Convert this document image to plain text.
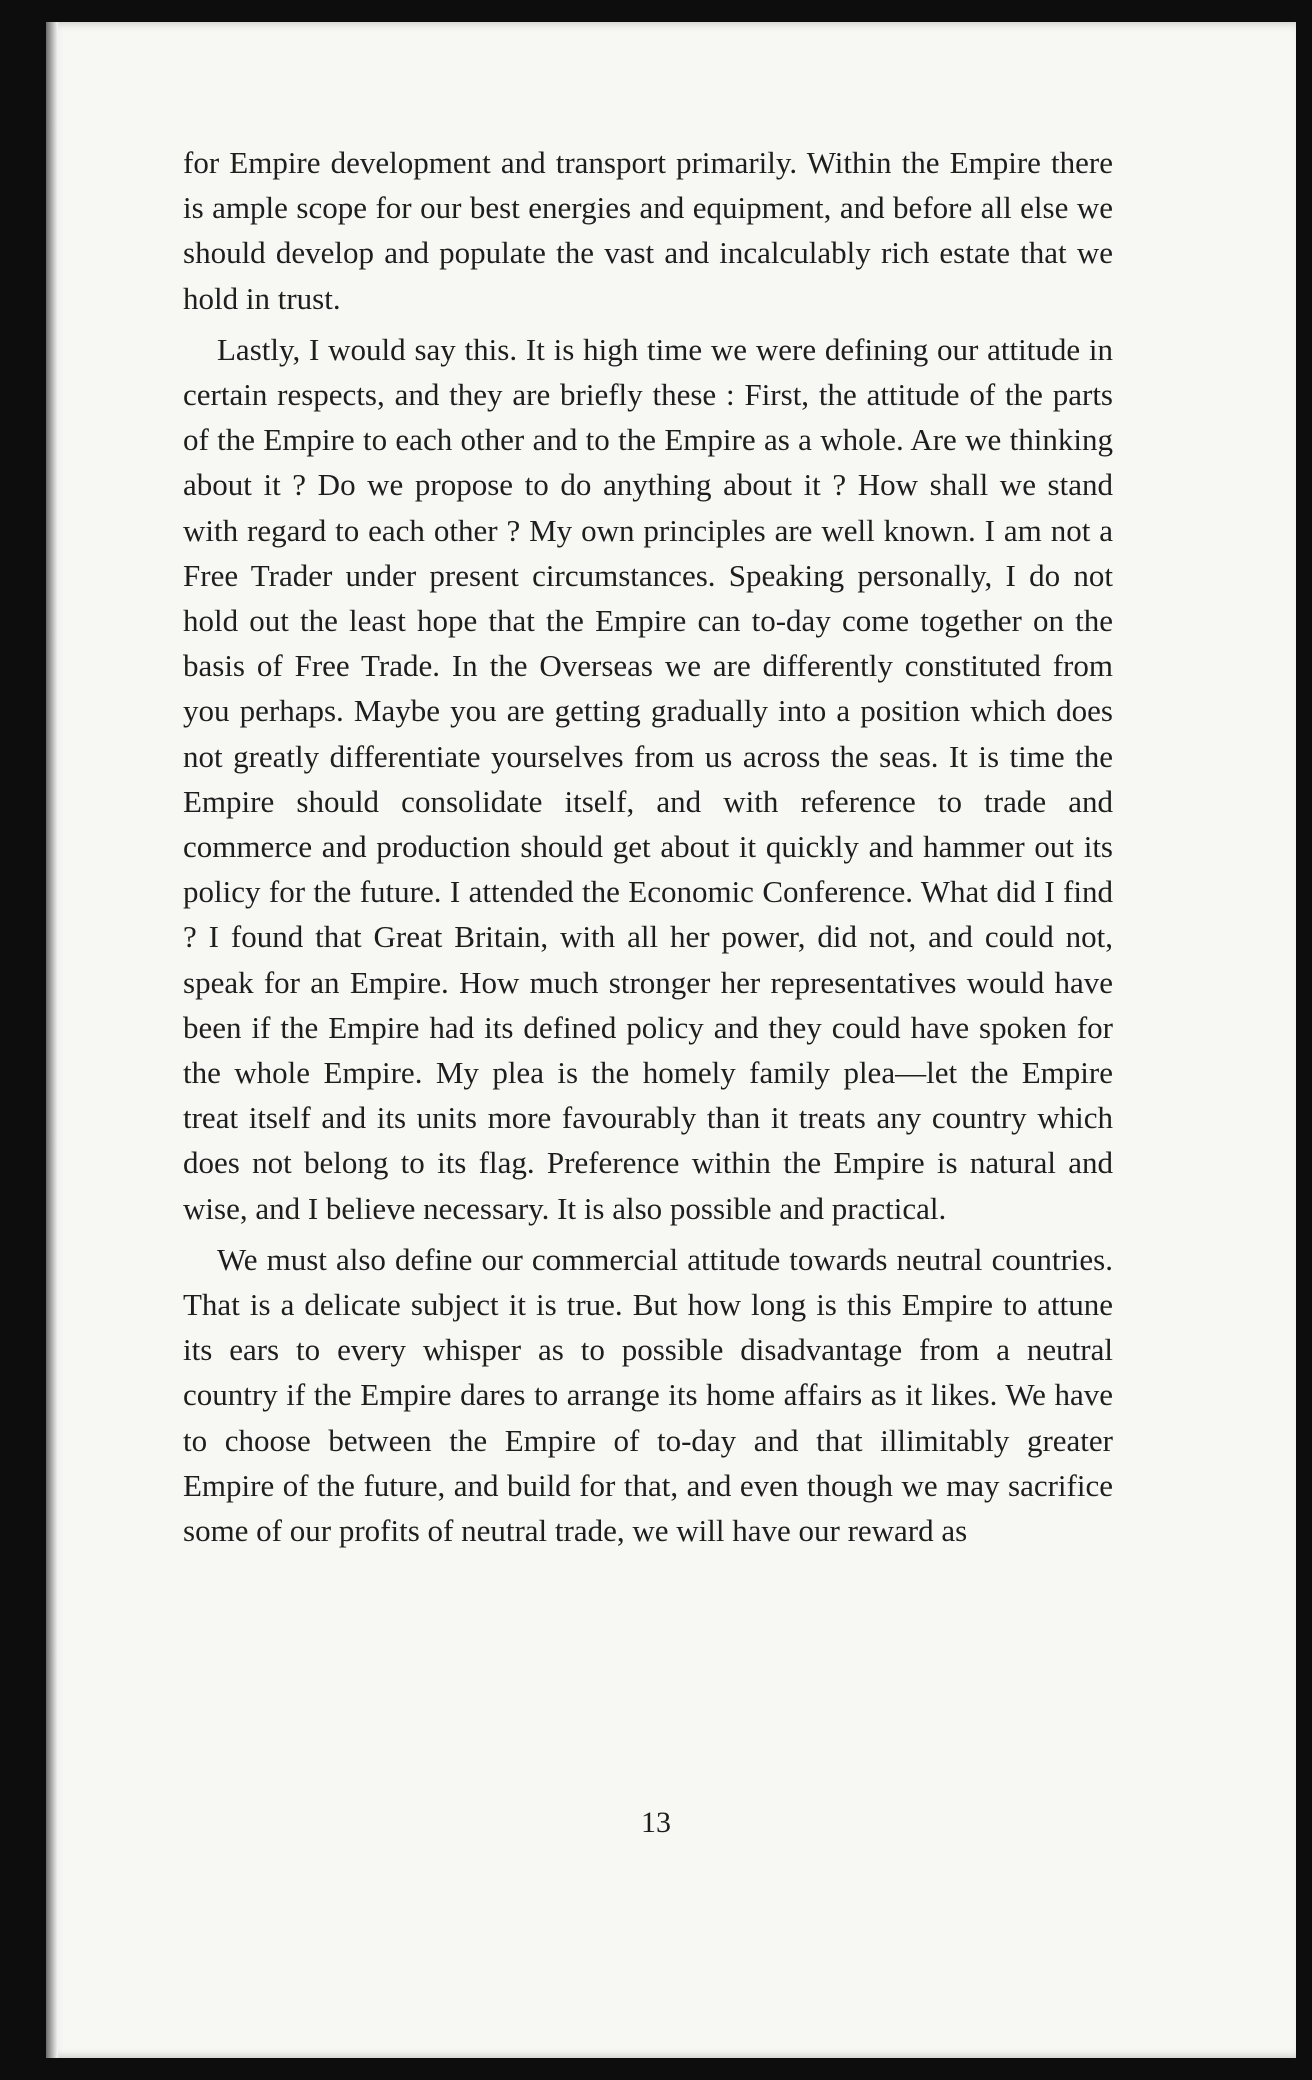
for Empire development and transport primarily. Within the Empire there is ample scope for our best energies and equipment, and before all else we should develop and populate the vast and incalculably rich estate that we hold in trust.

Lastly, I would say this. It is high time we were defining our attitude in certain respects, and they are briefly these : First, the attitude of the parts of the Empire to each other and to the Empire as a whole. Are we thinking about it ? Do we propose to do anything about it ? How shall we stand with regard to each other ? My own principles are well known. I am not a Free Trader under present circumstances. Speaking personally, I do not hold out the least hope that the Empire can to-day come together on the basis of Free Trade. In the Overseas we are differently constituted from you perhaps. Maybe you are getting gradually into a position which does not greatly differentiate yourselves from us across the seas. It is time the Empire should consolidate itself, and with reference to trade and commerce and production should get about it quickly and hammer out its policy for the future. I attended the Economic Conference. What did I find ? I found that Great Britain, with all her power, did not, and could not, speak for an Empire. How much stronger her representatives would have been if the Empire had its defined policy and they could have spoken for the whole Empire. My plea is the homely family plea—let the Empire treat itself and its units more favourably than it treats any country which does not belong to its flag. Preference within the Empire is natural and wise, and I believe necessary. It is also possible and practical.

We must also define our commercial attitude towards neutral countries. That is a delicate subject it is true. But how long is this Empire to attune its ears to every whisper as to possible disadvantage from a neutral country if the Empire dares to arrange its home affairs as it likes. We have to choose between the Empire of to-day and that illimitably greater Empire of the future, and build for that, and even though we may sacrifice some of our profits of neutral trade, we will have our reward as

13
